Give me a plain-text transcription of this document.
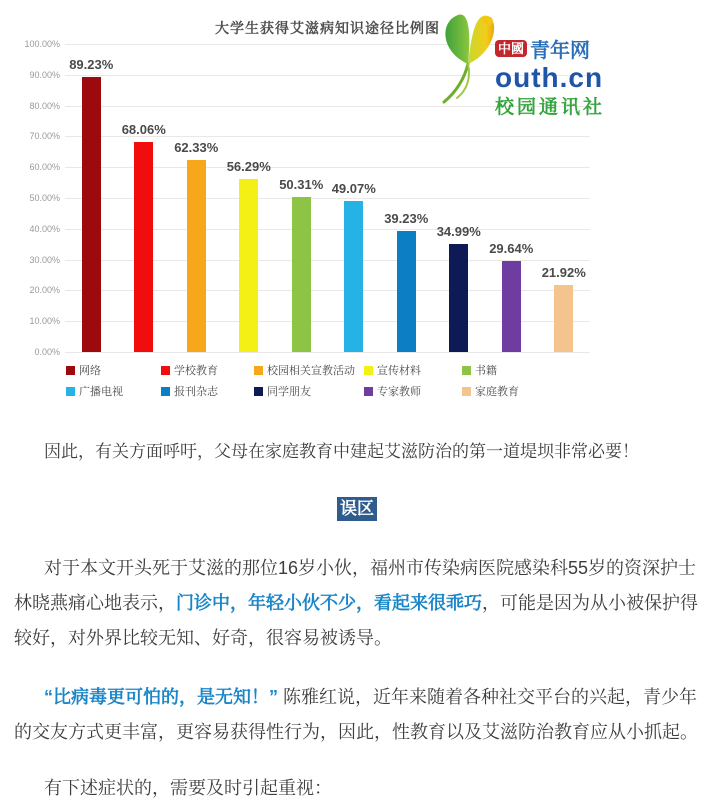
大学生获得艾滋病知识途径比例图
100.00%
90.00%
80.00%
70.00%
60.00%
50.00%
40.00%
30.00%
20.00%
10.00%
0.00%
89.23%
68.06%
62.33%
56.29%
50.31% 49.07%
39.23%
34.99%
29.64%
21.92%
网络	学校教育	校园相关宣教活动 宣传材料	书籍
广播电视	报刊杂志	同学朋友	专家教师	家庭教育
中國 青年网
outh.cn
校园通讯社

因此，有关方面呼吁，父母在家庭教育中建起艾滋防治的第一道堤坝非常必要！

误区

对于本文开头死于艾滋的那位16岁小伙，福州市传染病医院感染科55岁的资深护士林晓燕痛心地表示，门诊中，年轻小伙不少，看起来很乖巧，可能是因为从小被保护得较好，对外界比较无知、好奇，很容易被诱导。

“比病毒更可怕的，是无知！” 陈雅红说，近年来随着各种社交平台的兴起，青少年的交友方式更丰富，更容易获得性行为，因此，性教育以及艾滋防治教育应从小抓起。

有下述症状的，需要及时引起重视：
